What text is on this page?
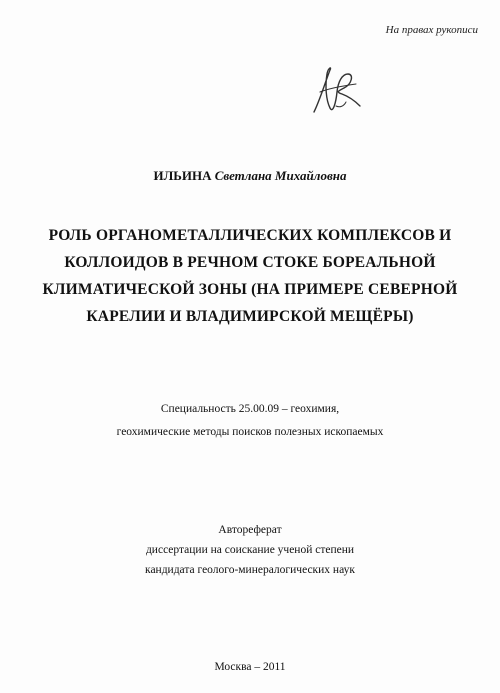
На правах рукописи
ИЛЬИНА Светлана Михайловна
РОЛЬ ОРГАНОМЕТАЛЛИЧЕСКИХ КОМПЛЕКСОВ И
КОЛЛОИДОВ В РЕЧНОМ СТОКЕ БОРЕАЛЬНОЙ
КЛИМАТИЧЕСКОЙ ЗОНЫ (НА ПРИМЕРЕ СЕВЕРНОЙ
КАРЕЛИИ И ВЛАДИМИРСКОЙ МЕЩЁРЫ)
Специальность 25.00.09 – геохимия,
геохимические методы поисков полезных ископаемых
Автореферат
диссертации на соискание ученой степени
кандидата геолого-минералогических наук
Москва – 2011
